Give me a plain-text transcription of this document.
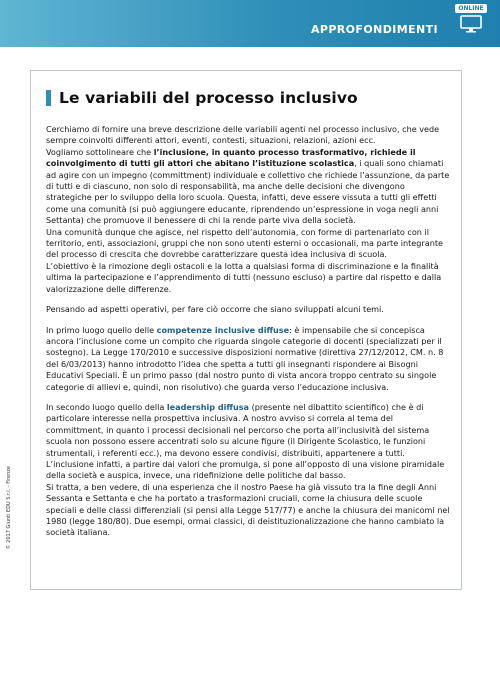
APPROFONDIMENTI
ONLINE
Le variabili del processo inclusivo

Cerchiamo di fornire una breve descrizione delle variabili agenti nel processo inclusivo, che vede sempre coinvolti differenti attori, eventi, contesti, situazioni, relazioni, azioni ecc.
Vogliamo sottolineare che l’inclusione, in quanto processo trasformativo, richiede il coinvolgimento di tutti gli attori che abitano l’istituzione scolastica, i quali sono chiamati ad agire con un impegno (committment) individuale e collettivo che richiede l’assunzione, da parte di tutti e di ciascuno, non solo di responsabilità, ma anche delle decisioni che divengono strategiche per lo sviluppo della loro scuola. Questa, infatti, deve essere vissuta a tutti gli effetti come una comunità (si può aggiungere educante, riprendendo un’espressione in voga negli anni Settanta) che promuove il benessere di chi la rende parte viva della società.
Una comunità dunque che agisce, nel rispetto dell’autonomia, con forme di partenariato con il territorio, enti, associazioni, gruppi che non sono utenti esterni o occasionali, ma parte integrante del processo di crescita che dovrebbe caratterizzare questa idea inclusiva di scuola.
L’obiettivo è la rimozione degli ostacoli e la lotta a qualsiasi forma di discriminazione e la finalità ultima la partecipazione e l’apprendimento di tutti (nessuno escluso) a partire dal rispetto e dalla valorizzazione delle differenze.

Pensando ad aspetti operativi, per fare ciò occorre che siano sviluppati alcuni temi.

In primo luogo quello delle competenze inclusive diffuse: è impensabile che si concepisca ancora l’inclusione come un compito che riguarda singole categorie di docenti (specializzati per il sostegno). La Legge 170/2010 e successive disposizioni normative (direttiva 27/12/2012, CM. n. 8 del 6/03/2013) hanno introdotto l’idea che spetta a tutti gli insegnanti rispondere ai Bisogni Educativi Speciali. È un primo passo (dal nostro punto di vista ancora troppo centrato su singole categorie di allievi e, quindi, non risolutivo) che guarda verso l’educazione inclusiva.

In secondo luogo quello della leadership diffusa (presente nel dibattito scientifico) che è di particolare interesse nella prospettiva inclusiva. A nostro avviso si correla al tema del committment, in quanto i processi decisionali nel percorso che porta all’inclusività del sistema scuola non possono essere accentrati solo su alcune figure (il Dirigente Scolastico, le funzioni strumentali, i referenti ecc.), ma devono essere condivisi, distribuiti, appartenere a tutti. L’inclusione infatti, a partire dai valori che promulga, si pone all’opposto di una visione piramidale della società e auspica, invece, una ridefinizione delle politiche dal basso.
Si tratta, a ben vedere, di una esperienza che il nostro Paese ha già vissuto tra la fine degli Anni Sessanta e Settanta e che ha portato a trasformazioni cruciali, come la chiusura delle scuole speciali e delle classi differenziali (si pensi alla Legge 517/77) e anche la chiusura dei manicomi nel 1980 (legge 180/80). Due esempi, ormai classici, di deistituzionalizzazione che hanno cambiato la società italiana.

© 2017 Giunti EDU S.r.l. - Firenze
